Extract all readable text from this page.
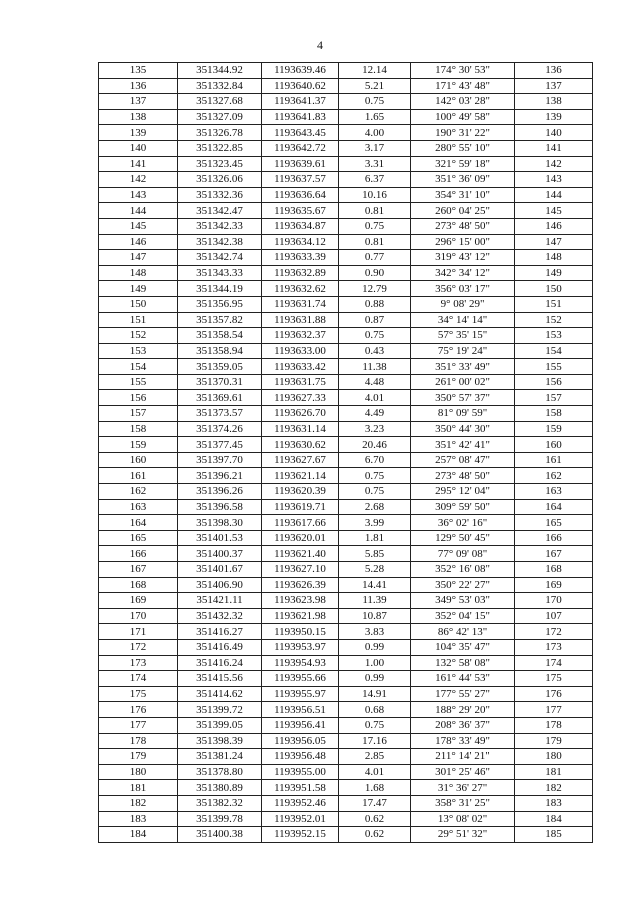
4
135	351344.92	1193639.46	12.14	174° 30' 53"	136
136	351332.84	1193640.62	5.21	171° 43' 48"	137
137	351327.68	1193641.37	0.75	142° 03' 28"	138
138	351327.09	1193641.83	1.65	100° 49' 58"	139
139	351326.78	1193643.45	4.00	190° 31' 22"	140
140	351322.85	1193642.72	3.17	280° 55' 10"	141
141	351323.45	1193639.61	3.31	321° 59' 18"	142
142	351326.06	1193637.57	6.37	351° 36' 09"	143
143	351332.36	1193636.64	10.16	354° 31' 10"	144
144	351342.47	1193635.67	0.81	260° 04' 25"	145
145	351342.33	1193634.87	0.75	273° 48' 50"	146
146	351342.38	1193634.12	0.81	296° 15' 00"	147
147	351342.74	1193633.39	0.77	319° 43' 12"	148
148	351343.33	1193632.89	0.90	342° 34' 12"	149
149	351344.19	1193632.62	12.79	356° 03' 17"	150
150	351356.95	1193631.74	0.88	9° 08' 29"	151
151	351357.82	1193631.88	0.87	34° 14' 14"	152
152	351358.54	1193632.37	0.75	57° 35' 15"	153
153	351358.94	1193633.00	0.43	75° 19' 24"	154
154	351359.05	1193633.42	11.38	351° 33' 49"	155
155	351370.31	1193631.75	4.48	261° 00' 02"	156
156	351369.61	1193627.33	4.01	350° 57' 37"	157
157	351373.57	1193626.70	4.49	81° 09' 59"	158
158	351374.26	1193631.14	3.23	350° 44' 30"	159
159	351377.45	1193630.62	20.46	351° 42' 41"	160
160	351397.70	1193627.67	6.70	257° 08' 47"	161
161	351396.21	1193621.14	0.75	273° 48' 50"	162
162	351396.26	1193620.39	0.75	295° 12' 04"	163
163	351396.58	1193619.71	2.68	309° 59' 50"	164
164	351398.30	1193617.66	3.99	36° 02' 16"	165
165	351401.53	1193620.01	1.81	129° 50' 45"	166
166	351400.37	1193621.40	5.85	77° 09' 08"	167
167	351401.67	1193627.10	5.28	352° 16' 08"	168
168	351406.90	1193626.39	14.41	350° 22' 27"	169
169	351421.11	1193623.98	11.39	349° 53' 03"	170
170	351432.32	1193621.98	10.87	352° 04' 15"	107
171	351416.27	1193950.15	3.83	86° 42' 13"	172
172	351416.49	1193953.97	0.99	104° 35' 47"	173
173	351416.24	1193954.93	1.00	132° 58' 08"	174
174	351415.56	1193955.66	0.99	161° 44' 53"	175
175	351414.62	1193955.97	14.91	177° 55' 27"	176
176	351399.72	1193956.51	0.68	188° 29' 20"	177
177	351399.05	1193956.41	0.75	208° 36' 37"	178
178	351398.39	1193956.05	17.16	178° 33' 49"	179
179	351381.24	1193956.48	2.85	211° 14' 21"	180
180	351378.80	1193955.00	4.01	301° 25' 46"	181
181	351380.89	1193951.58	1.68	31° 36' 27"	182
182	351382.32	1193952.46	17.47	358° 31' 25"	183
183	351399.78	1193952.01	0.62	13° 08' 02"	184
184	351400.38	1193952.15	0.62	29° 51' 32"	185
